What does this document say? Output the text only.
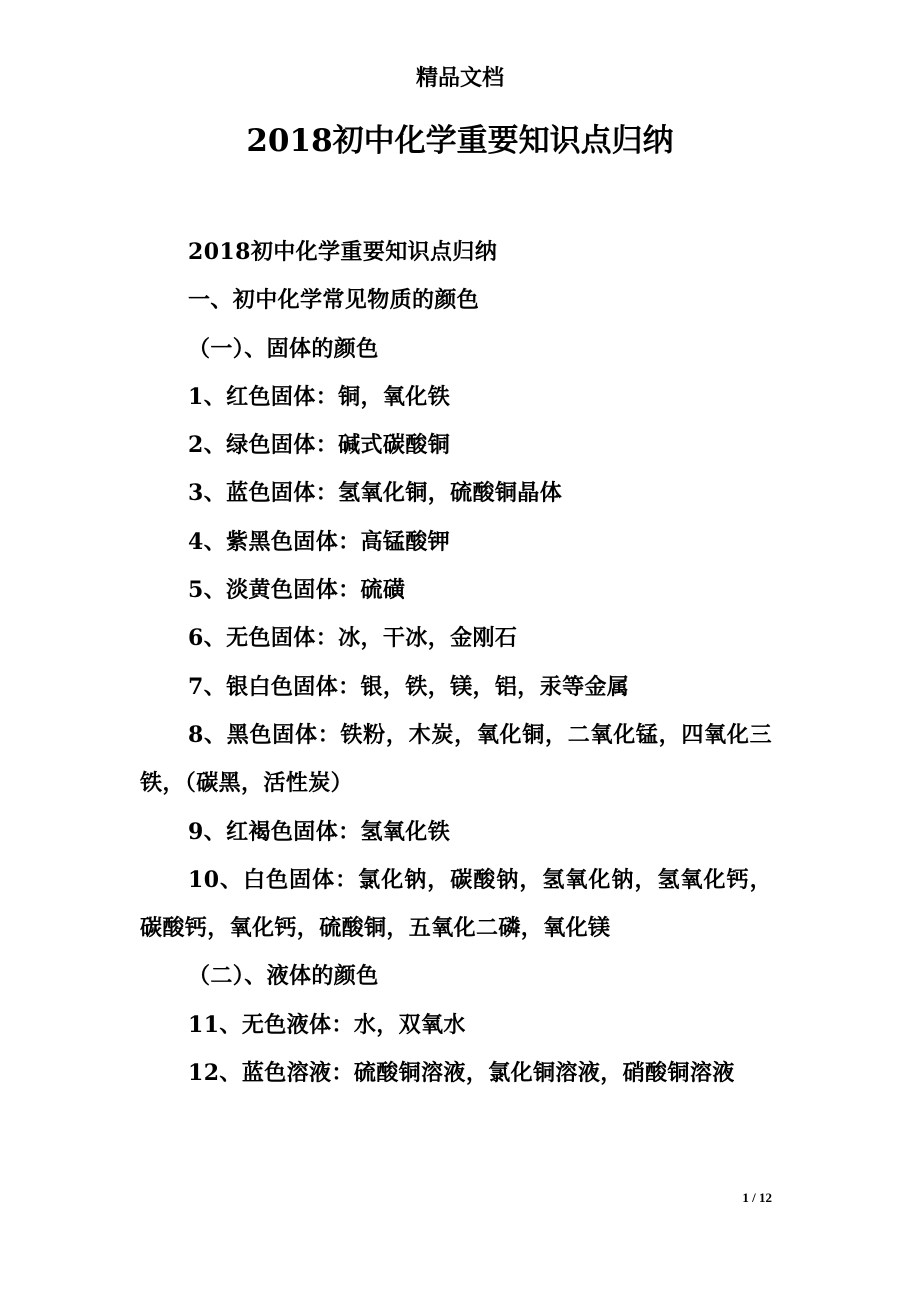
精品文档
2018初中化学重要知识点归纳

2018初中化学重要知识点归纳

一、初中化学常见物质的颜色

（一）、固体的颜色

1、红色固体：铜，氧化铁

2、绿色固体：碱式碳酸铜

3、蓝色固体：氢氧化铜，硫酸铜晶体

4、紫黑色固体：高锰酸钾

5、淡黄色固体：硫磺

6、无色固体：冰，干冰，金刚石

7、银白色固体：银，铁，镁，铝，汞等金属

8、黑色固体：铁粉，木炭，氧化铜，二氧化锰，四氧化三铁，（碳黑，活性炭）

9、红褐色固体：氢氧化铁

10、白色固体：氯化钠，碳酸钠，氢氧化钠，氢氧化钙，碳酸钙，氧化钙，硫酸铜，五氧化二磷，氧化镁

（二）、液体的颜色

11、无色液体：水，双氧水

12、蓝色溶液：硫酸铜溶液，氯化铜溶液，硝酸铜溶液

1 / 12
